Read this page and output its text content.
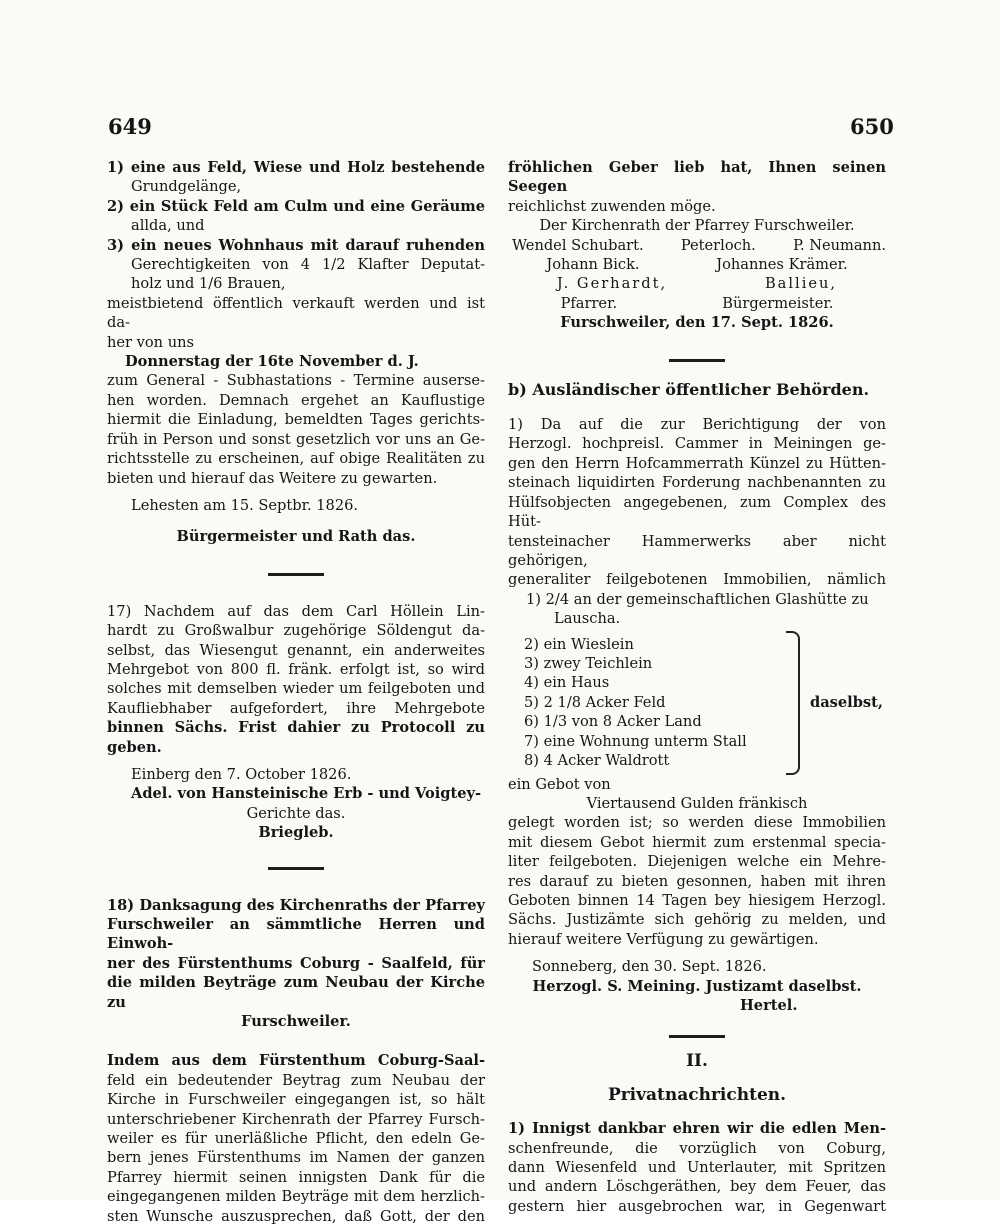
649	650

1) eine aus Feld, Wiese und Holz bestehende

Grundgelänge,

2) ein Stück Feld am Culm und eine Geräume

allda, und

3) ein neues Wohnhaus mit darauf ruhenden

Gerechtigkeiten von 4 1/2 Klafter Deputat-

holz und 1/6 Brauen,

meistbietend öffentlich verkauft werden und ist da-

her von uns

Donnerstag der 16te November d. J.

zum General - Subhastations - Termine auserse-

hen worden. Demnach ergehet an Kauflustige

hiermit die Einladung, bemeldten Tages gerichts-

früh in Person und sonst gesetzlich vor uns an Ge-

richtsstelle zu erscheinen, auf obige Realitäten zu

bieten und hierauf das Weitere zu gewarten.

Lehesten am 15. Septbr. 1826.

Bürgermeister und Rath das.

17) Nachdem auf das dem Carl Höllein Lin-

hardt zu Großwalbur zugehörige Söldengut da-

selbst, das Wiesengut genannt, ein anderweites

Mehrgebot von 800 fl. fränk. erfolgt ist, so wird

solches mit demselben wieder um feilgeboten und

Kaufliebhaber aufgefordert, ihre Mehrgebote

binnen Sächs. Frist dahier zu Protocoll zu geben.

Einberg den 7. October 1826.

Adel. von Hansteinische Erb - und Voigtey-

Gerichte das.

Briegleb.

18) Danksagung des Kirchenraths der Pfarrey

Furschweiler an sämmtliche Herren und Einwoh-

ner des Fürstenthums Coburg - Saalfeld, für

die milden Beyträge zum Neubau der Kirche zu

Furschweiler.

Indem aus dem Fürstenthum Coburg-Saal-

feld ein bedeutender Beytrag zum Neubau der

Kirche in Furschweiler eingegangen ist, so hält

unterschriebener Kirchenrath der Pfarrey Fursch-

weiler es für unerläßliche Pflicht, den edeln Ge-

bern jenes Fürstenthums im Namen der ganzen

Pfarrey hiermit seinen innigsten Dank für die

eingegangenen milden Beyträge mit dem herzlich-

sten Wunsche auszusprechen, daß Gott, der den

fröhlichen Geber lieb hat, Ihnen seinen Seegen

reichlichst zuwenden möge.

Der Kirchenrath der Pfarrey Furschweiler.

Wendel Schubart.	Peterloch.	P. Neumann.
Johann Bick.	Johannes Krämer.
J. Gerhardt,	Ballieu,
Pfarrer.	Bürgermeister.

Furschweiler, den 17. Sept. 1826.

b) Ausländischer öffentlicher Behörden.

1) Da auf die zur Berichtigung der von

Herzogl. hochpreisl. Cammer in Meiningen ge-

gen den Herrn Hofcammerrath Künzel zu Hütten-

steinach liquidirten Forderung nachbenannten zu

Hülfsobjecten angegebenen, zum Complex des Hüt-

tensteinacher Hammerwerks aber nicht gehörigen,

generaliter feilgebotenen Immobilien, nämlich

1) 2/4 an der gemeinschaftlichen Glashütte zu

Lauscha.

2) ein Wieslein
3) zwey Teichlein
4) ein Haus
5) 2 1/8 Acker Feld
6) 1/3 von 8 Acker Land
7) eine Wohnung unterm Stall
8) 4 Acker Waldrott
daselbst,

ein Gebot von

Viertausend Gulden fränkisch

gelegt worden ist; so werden diese Immobilien

mit diesem Gebot hiermit zum erstenmal specia-

liter feilgeboten. Diejenigen welche ein Mehre-

res darauf zu bieten gesonnen, haben mit ihren

Geboten binnen 14 Tagen bey hiesigem Herzogl.

Sächs. Justizämte sich gehörig zu melden, und

hierauf weitere Verfügung zu gewärtigen.

Sonneberg, den 30. Sept. 1826.

Herzogl. S. Meining. Justizamt daselbst.

Hertel.

II.

Privatnachrichten.

1) Innigst dankbar ehren wir die edlen Men-

schenfreunde, die vorzüglich von Coburg,

dann Wiesenfeld und Unterlauter, mit Spritzen

und andern Löschgeräthen, bey dem Feuer, das

gestern hier ausgebrochen war, in Gegenwart
